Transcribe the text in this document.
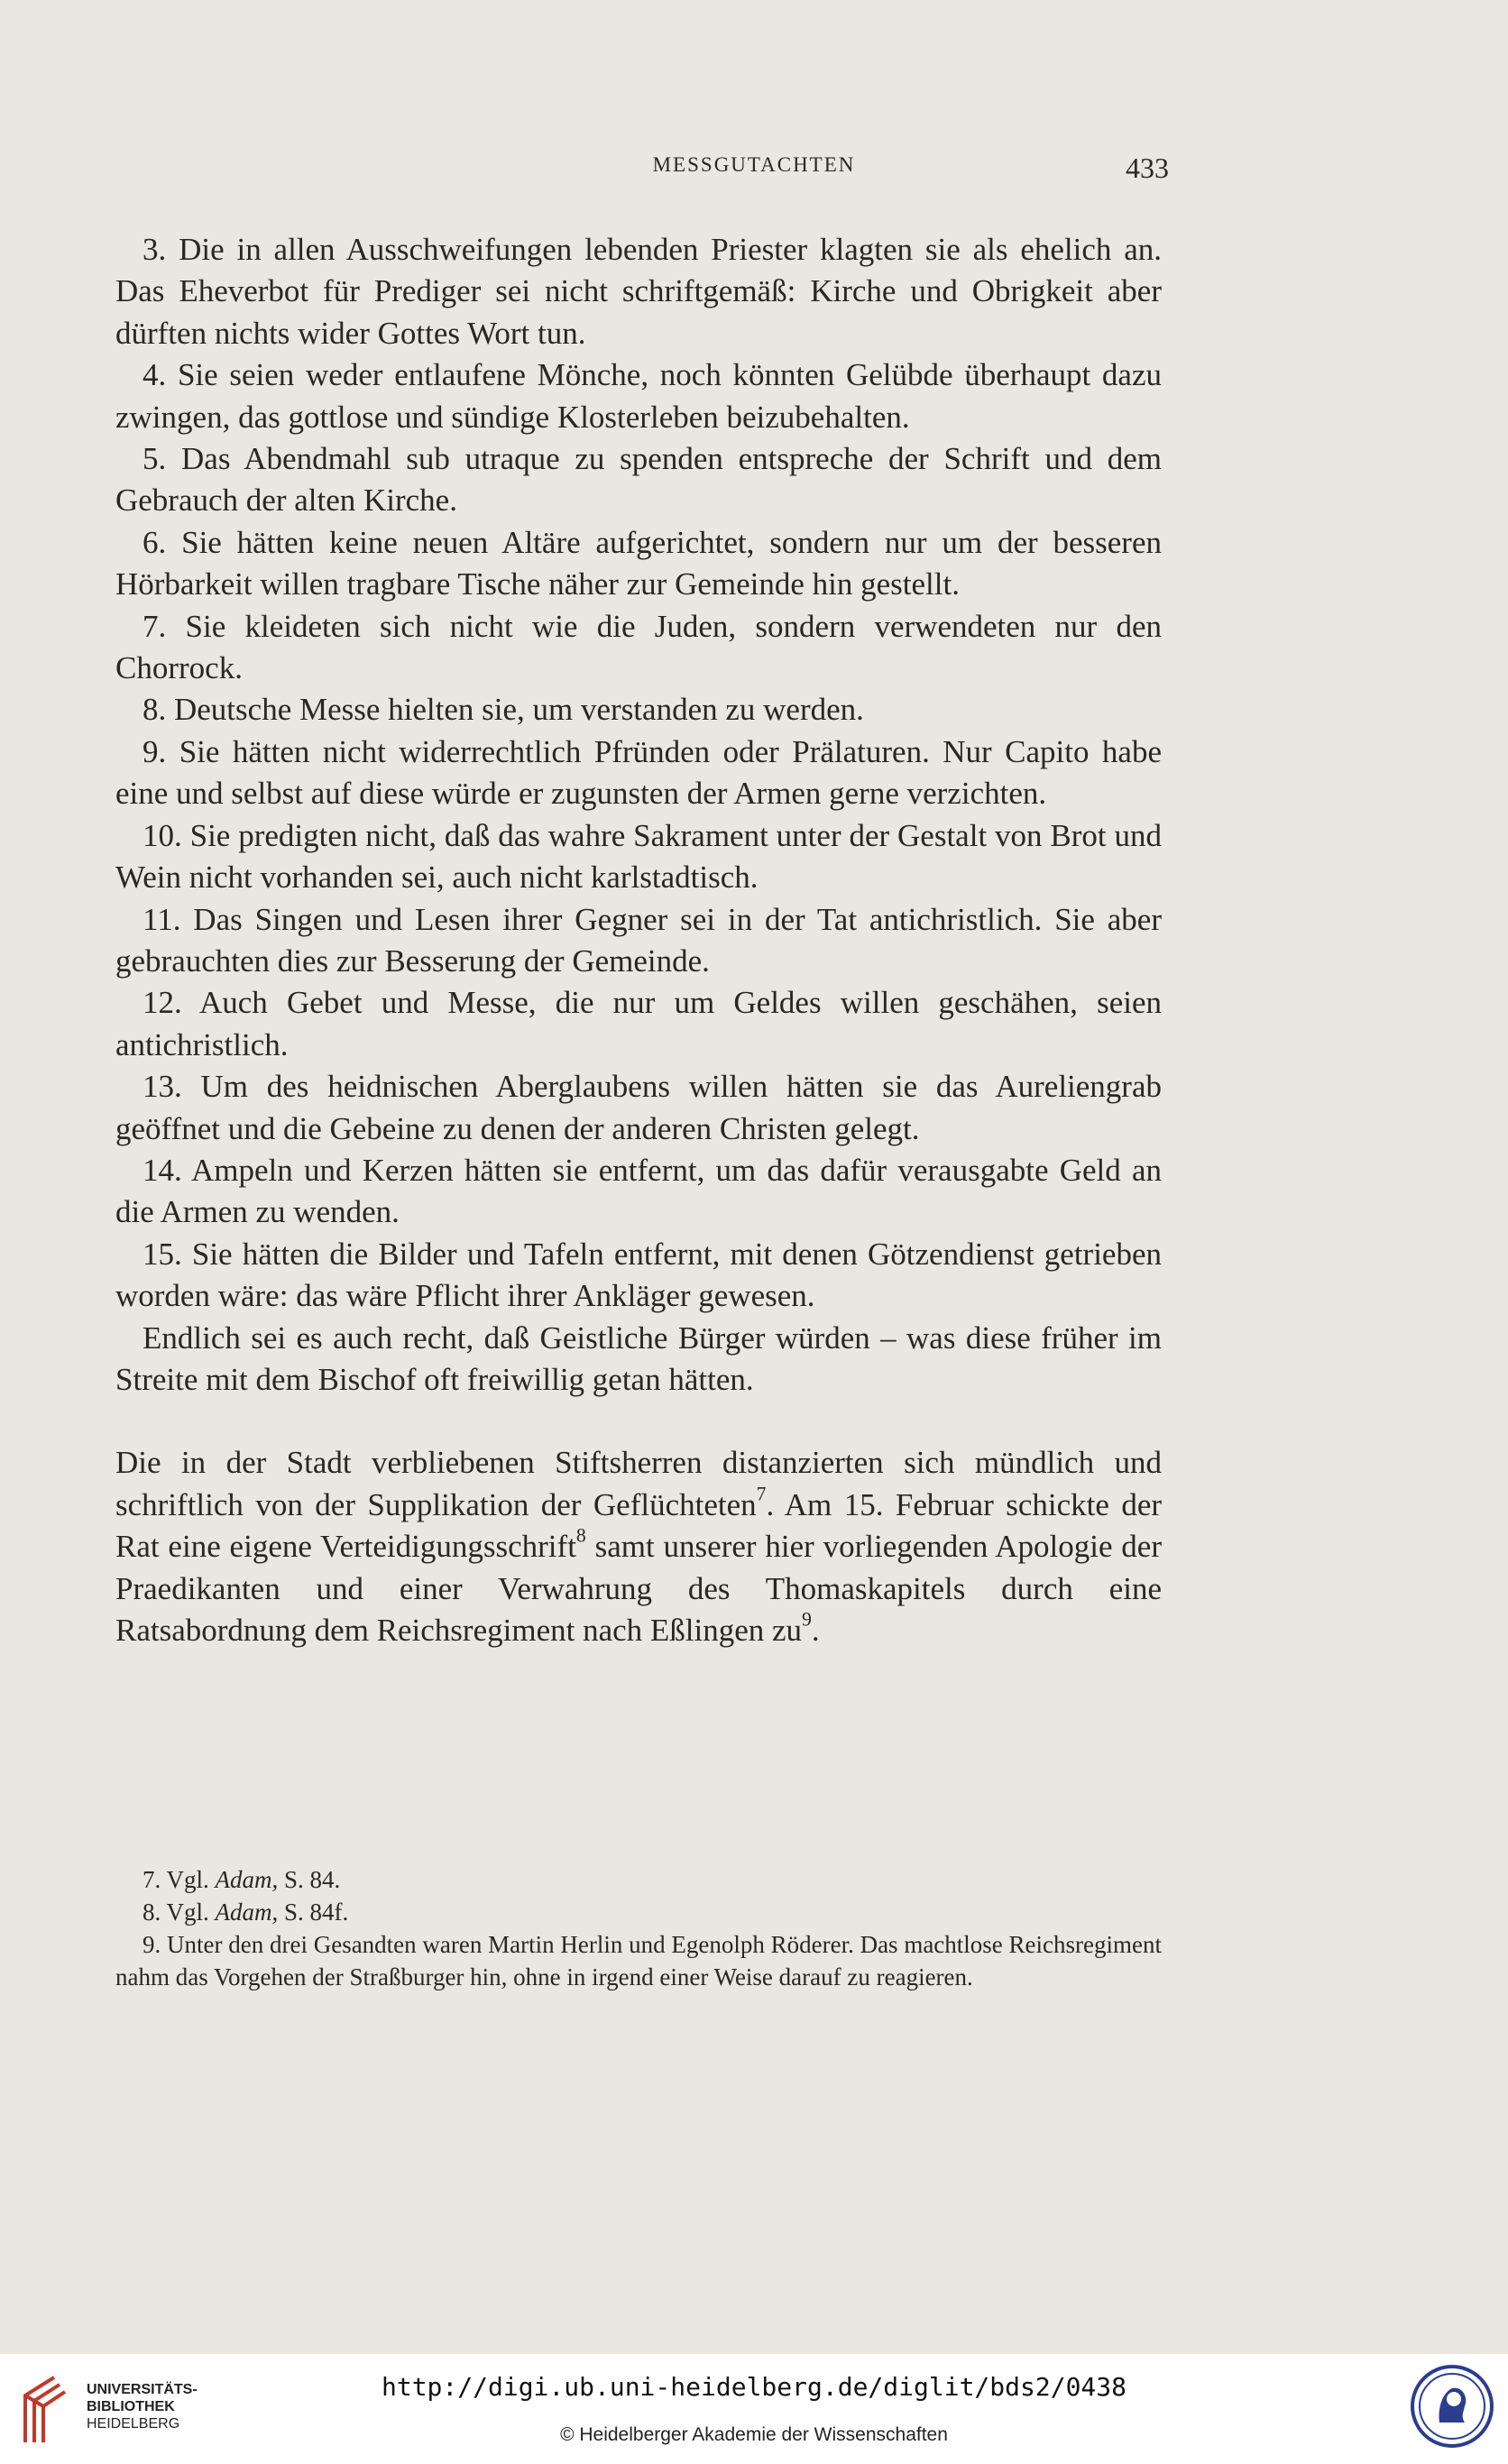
MESSGUTACHTEN	433

3. Die in allen Ausschweifungen lebenden Priester klagten sie als ehelich an. Das Eheverbot für Prediger sei nicht schriftgemäß: Kirche und Obrigkeit aber dürften nichts wider Gottes Wort tun.

4. Sie seien weder entlaufene Mönche, noch könnten Gelübde überhaupt dazu zwingen, das gottlose und sündige Klosterleben beizubehalten.

5. Das Abendmahl sub utraque zu spenden entspreche der Schrift und dem Gebrauch der alten Kirche.

6. Sie hätten keine neuen Altäre aufgerichtet, sondern nur um der besseren Hörbarkeit willen tragbare Tische näher zur Gemeinde hin gestellt.

7. Sie kleideten sich nicht wie die Juden, sondern verwendeten nur den Chorrock.

8. Deutsche Messe hielten sie, um verstanden zu werden.

9. Sie hätten nicht widerrechtlich Pfründen oder Prälaturen. Nur Capito habe eine und selbst auf diese würde er zugunsten der Armen gerne verzichten.

10. Sie predigten nicht, daß das wahre Sakrament unter der Gestalt von Brot und Wein nicht vorhanden sei, auch nicht karlstadtisch.

11. Das Singen und Lesen ihrer Gegner sei in der Tat antichristlich. Sie aber gebrauchten dies zur Besserung der Gemeinde.

12. Auch Gebet und Messe, die nur um Geldes willen geschähen, seien antichristlich.

13. Um des heidnischen Aberglaubens willen hätten sie das Aureliengrab geöffnet und die Gebeine zu denen der anderen Christen gelegt.

14. Ampeln und Kerzen hätten sie entfernt, um das dafür verausgabte Geld an die Armen zu wenden.

15. Sie hätten die Bilder und Tafeln entfernt, mit denen Götzendienst getrieben worden wäre: das wäre Pflicht ihrer Ankläger gewesen.

Endlich sei es auch recht, daß Geistliche Bürger würden – was diese früher im Streite mit dem Bischof oft freiwillig getan hätten.

Die in der Stadt verbliebenen Stiftsherren distanzierten sich mündlich und schriftlich von der Supplikation der Geflüchteten$^7$. Am 15. Februar schickte der Rat eine eigene Verteidigungsschrift$^8$ samt unserer hier vorliegenden Apologie der Praedikanten und einer Verwahrung des Thomaskapitels durch eine Ratsabordnung dem Reichsregiment nach Eßlingen $zu^9$.

7. Vgl. Adam, S. 84.

8. Vgl. Adam, S. 84f.

9. Unter den drei Gesandten waren Martin Herlin und Egenolph Röderer. Das machtlose Reichsregiment nahm das Vorgehen der Straßburger hin, ohne in irgend einer Weise darauf zu reagieren.

UNIVERSITÄTS-
BIBLIOTHEK
HEIDELBERG
http://digi.ub.uni-heidelberg.de/diglit/bds2/0438
© Heidelberger Akademie der Wissenschaften
